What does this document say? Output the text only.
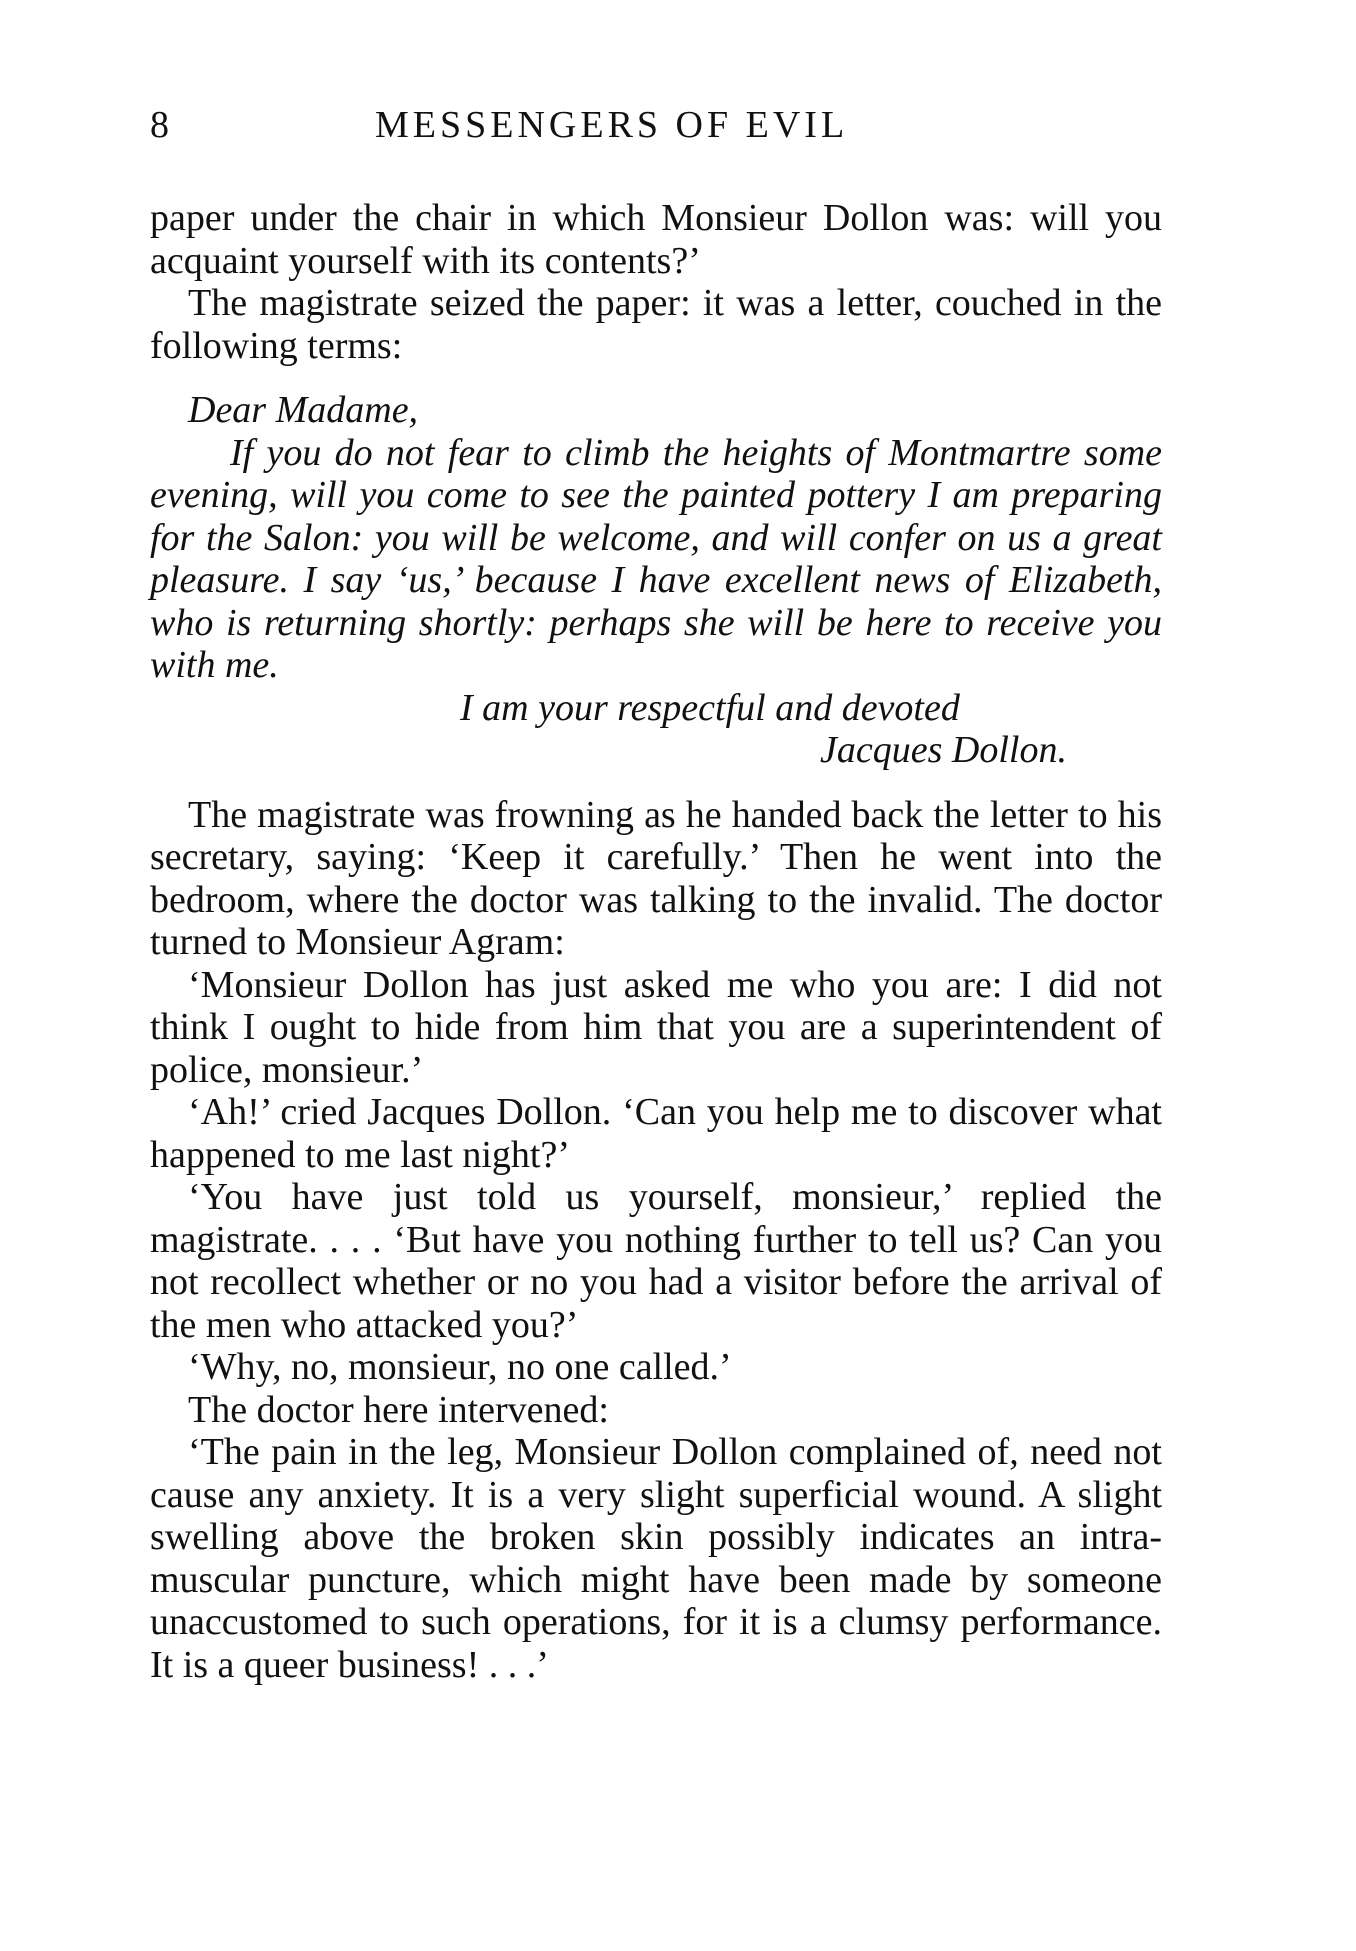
8	MESSENGERS OF EVIL

paper under the chair in which Monsieur Dollon was: will you acquaint yourself with its contents?’

The magistrate seized the paper: it was a letter, couched in the following terms:

Dear Madame,

If you do not fear to climb the heights of Montmartre some evening, will you come to see the painted pottery I am preparing for the Salon: you will be welcome, and will confer on us a great pleasure. I say ‘us,’ because I have excellent news of Elizabeth, who is returning shortly: perhaps she will be here to receive you with me.

I am your respectful and devoted

Jacques Dollon.

The magistrate was frowning as he handed back the letter to his secretary, saying: ‘Keep it carefully.’ Then he went into the bedroom, where the doctor was talking to the invalid. The doctor turned to Monsieur Agram:

‘Monsieur Dollon has just asked me who you are: I did not think I ought to hide from him that you are a superintendent of police, monsieur.’

‘Ah!’ cried Jacques Dollon. ‘Can you help me to discover what happened to me last night?’

‘You have just told us yourself, monsieur,’ replied the magistrate. . . . ‘But have you nothing further to tell us? Can you not recollect whether or no you had a visitor before the arrival of the men who attacked you?’

‘Why, no, monsieur, no one called.’

The doctor here intervened:

‘The pain in the leg, Monsieur Dollon complained of, need not cause any anxiety. It is a very slight superficial wound. A slight swelling above the broken skin possibly indicates an intra-muscular puncture, which might have been made by someone unaccustomed to such operations, for it is a clumsy performance. It is a queer business! . . .’
